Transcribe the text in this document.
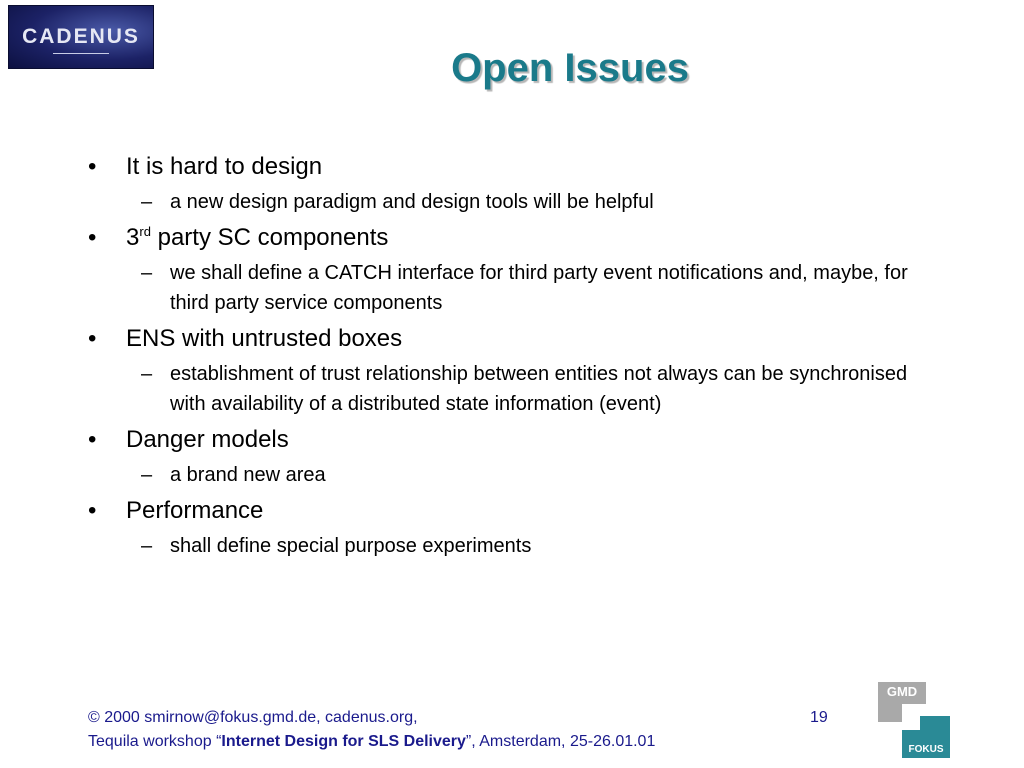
CADENUS
Open Issues
• It is hard to design
– a new design paradigm and design tools will be helpful
• 3rd party SC components
– we shall define a CATCH interface for third party event notifications and, maybe, for third party service components
• ENS with untrusted boxes
– establishment of trust relationship between entities not always can be synchronised with availability of a distributed state information (event)
• Danger models
– a brand new area
• Performance
– shall define special purpose experiments
© 2000 smirnow@fokus.gmd.de, cadenus.org,	19
Tequila workshop “Internet Design for SLS Delivery”, Amsterdam, 25-26.01.01
GMD
FOKUS
